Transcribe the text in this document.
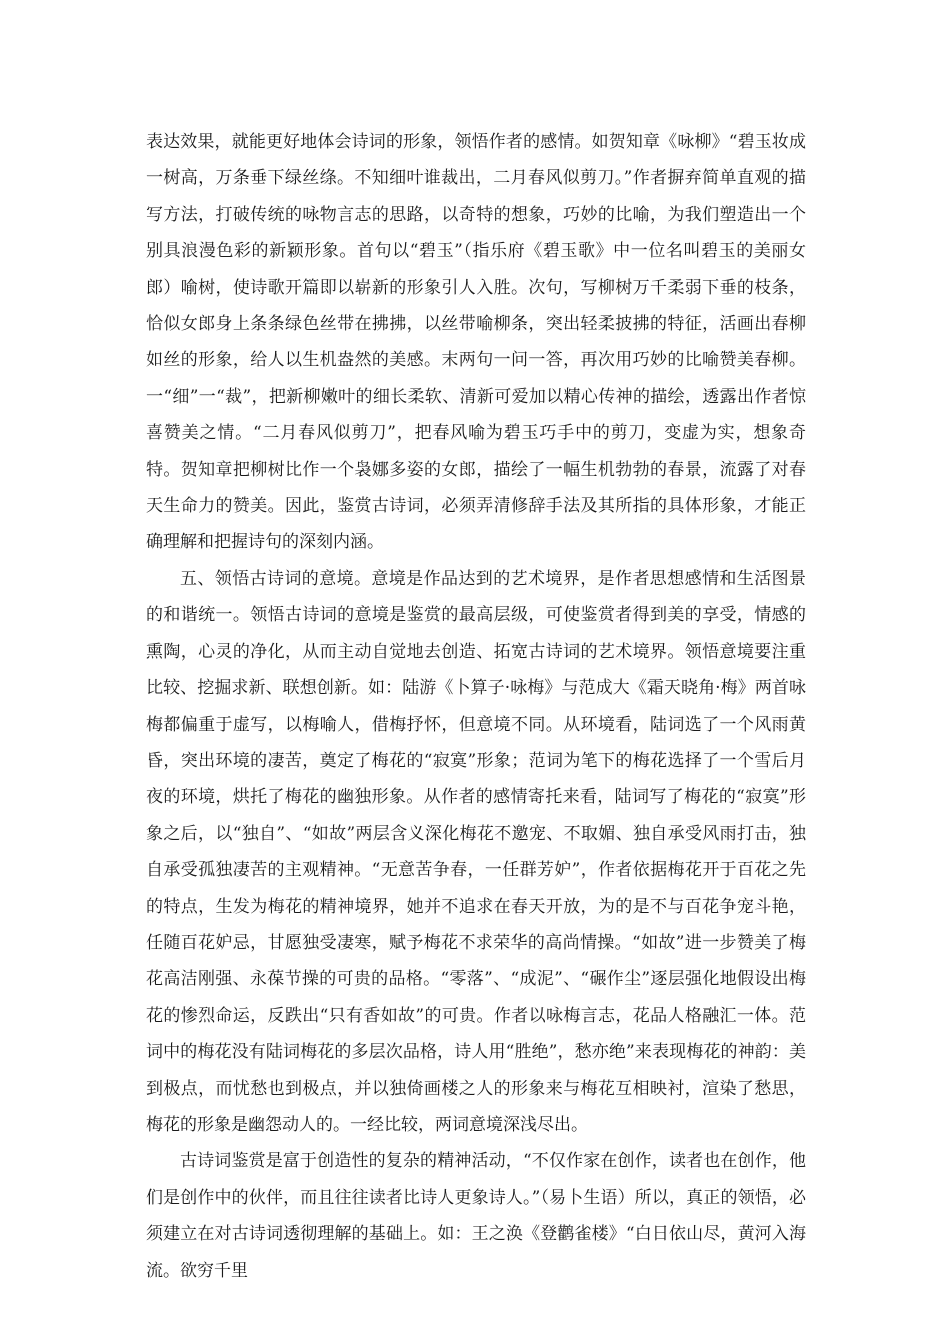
表达效果，就能更好地体会诗词的形象，领悟作者的感情。如贺知章《咏柳》“碧玉妆成一树高，万条垂下绿丝绦。不知细叶谁裁出，二月春风似剪刀。”作者摒弃简单直观的描写方法，打破传统的咏物言志的思路，以奇特的想象，巧妙的比喻，为我们塑造出一个别具浪漫色彩的新颖形象。首句以“碧玉”（指乐府《碧玉歌》中一位名叫碧玉的美丽女郎）喻树，使诗歌开篇即以崭新的形象引人入胜。次句，写柳树万千柔弱下垂的枝条，恰似女郎身上条条绿色丝带在拂拂，以丝带喻柳条，突出轻柔披拂的特征，活画出春柳如丝的形象，给人以生机盎然的美感。末两句一问一答，再次用巧妙的比喻赞美春柳。一“细”一“裁”，把新柳嫩叶的细长柔软、清新可爱加以精心传神的描绘，透露出作者惊喜赞美之情。“二月春风似剪刀”，把春风喻为碧玉巧手中的剪刀，变虚为实，想象奇特。贺知章把柳树比作一个袅娜多姿的女郎，描绘了一幅生机勃勃的春景，流露了对春天生命力的赞美。因此，鉴赏古诗词，必须弄清修辞手法及其所指的具体形象，才能正确理解和把握诗句的深刻内涵。

五、领悟古诗词的意境。意境是作品达到的艺术境界，是作者思想感情和生活图景的和谐统一。领悟古诗词的意境是鉴赏的最高层级，可使鉴赏者得到美的享受，情感的熏陶，心灵的净化，从而主动自觉地去创造、拓宽古诗词的艺术境界。领悟意境要注重比较、挖掘求新、联想创新。如：陆游《卜算子·咏梅》与范成大《霜天晓角·梅》两首咏梅都偏重于虚写，以梅喻人，借梅抒怀，但意境不同。从环境看，陆词选了一个风雨黄昏，突出环境的凄苦，奠定了梅花的“寂寞”形象；范词为笔下的梅花选择了一个雪后月夜的环境，烘托了梅花的幽独形象。从作者的感情寄托来看，陆词写了梅花的“寂寞”形象之后，以“独自”、“如故”两层含义深化梅花不邀宠、不取媚、独自承受风雨打击，独自承受孤独凄苦的主观精神。“无意苦争春，一任群芳妒”，作者依据梅花开于百花之先的特点，生发为梅花的精神境界，她并不追求在春天开放，为的是不与百花争宠斗艳，任随百花妒忌，甘愿独受凄寒，赋予梅花不求荣华的高尚情操。“如故”进一步赞美了梅花高洁刚强、永葆节操的可贵的品格。“零落”、“成泥”、“碾作尘”逐层强化地假设出梅花的惨烈命运，反跌出“只有香如故”的可贵。作者以咏梅言志，花品人格融汇一体。范词中的梅花没有陆词梅花的多层次品格，诗人用“胜绝”，愁亦绝”来表现梅花的神韵：美到极点，而忧愁也到极点，并以独倚画楼之人的形象来与梅花互相映衬，渲染了愁思，梅花的形象是幽怨动人的。一经比较，两词意境深浅尽出。

古诗词鉴赏是富于创造性的复杂的精神活动，“不仅作家在创作，读者也在创作，他们是创作中的伙伴，而且往往读者比诗人更象诗人。”（易卜生语）所以，真正的领悟，必须建立在对古诗词透彻理解的基础上。如：王之涣《登鹳雀楼》“白日依山尽，黄河入海流。欲穷千里
